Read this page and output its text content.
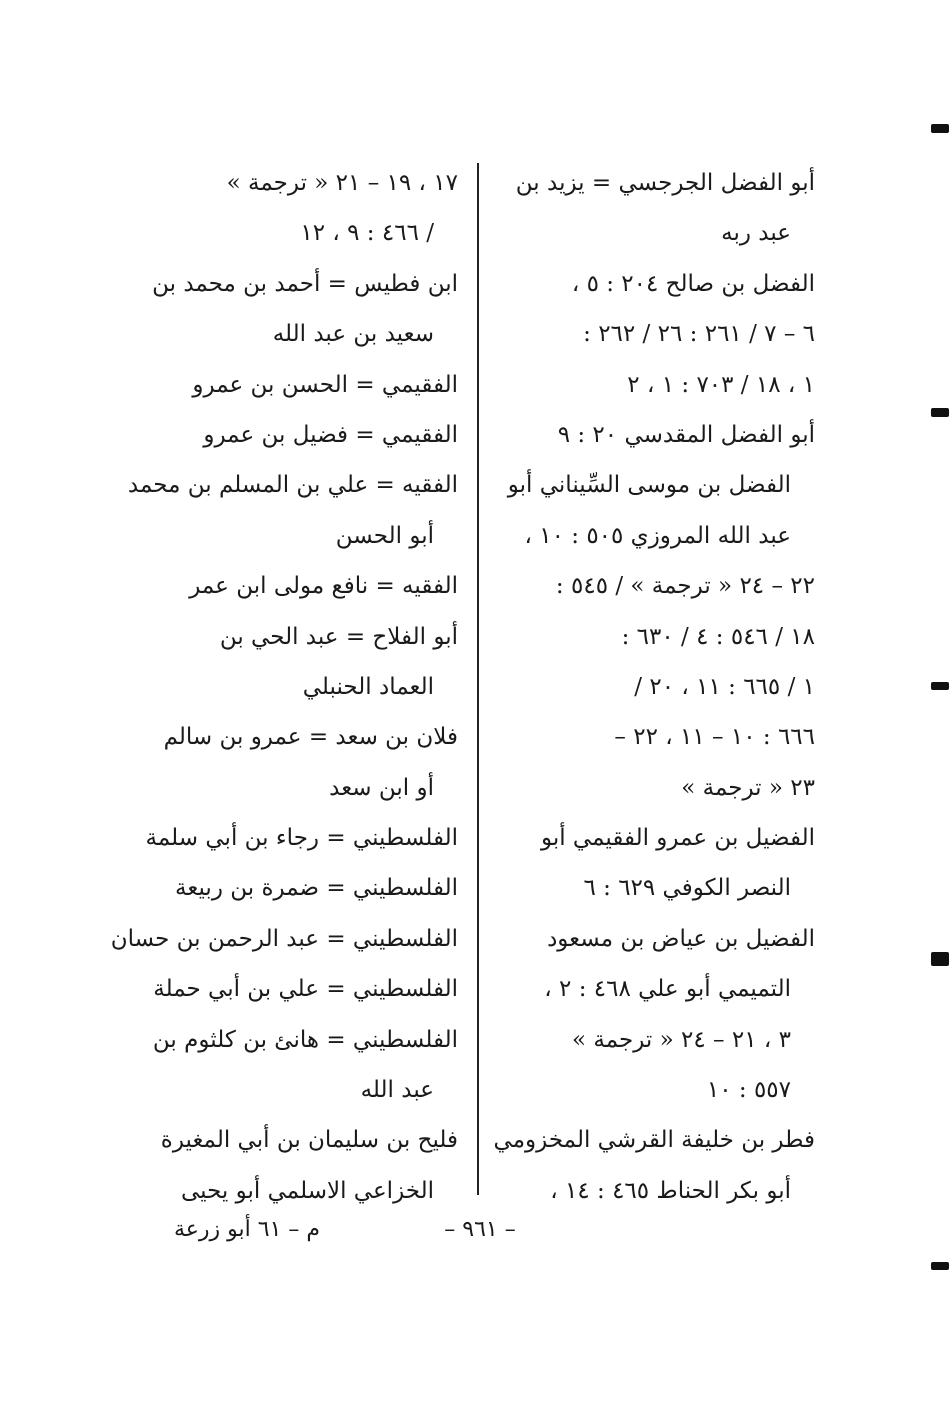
أبو الفضل الجرجسي = يزيد بن
عبد ربه
الفضل بن صالح ٢٠٤ : ٥ ،
٦ – ٧ / ٢٦١ : ٢٦ / ٢٦٢ :
١ ، ١٨ / ٧٠٣ : ١ ، ٢
أبو الفضل المقدسي ٢٠ : ٩
الفضل بن موسى السِّيناني أبو
عبد الله المروزي ٥٠٥ : ١٠ ،
٢٢ – ٢٤ « ترجمة » / ٥٤٥ :
١٨ / ٥٤٦ : ٤ / ٦٣٠ :
١ / ٦٦٥ : ١١ ، ٢٠ /
٦٦٦ : ١٠ – ١١ ، ٢٢ –
٢٣ « ترجمة »
الفضيل بن عمرو الفقيمي أبو
النصر الكوفي ٦٢٩ : ٦
الفضيل بن عياض بن مسعود
التميمي أبو علي ٤٦٨ : ٢ ،
٣ ، ٢١ – ٢٤ « ترجمة »
٥٥٧ : ١٠
فطر بن خليفة القرشي المخزومي
أبو بكر الحناط ٤٦٥ : ١٤ ،
١٧ ، ١٩ – ٢١ « ترجمة »
/ ٤٦٦ : ٩ ، ١٢
ابن فطيس = أحمد بن محمد بن
سعيد بن عبد الله
الفقيمي = الحسن بن عمرو
الفقيمي = فضيل بن عمرو
الفقيه = علي بن المسلم بن محمد
أبو الحسن
الفقيه = نافع مولى ابن عمر
أبو الفلاح = عبد الحي بن
العماد الحنبلي
فلان بن سعد = عمرو بن سالم
أو ابن سعد
الفلسطيني = رجاء بن أبي سلمة
الفلسطيني = ضمرة بن ربيعة
الفلسطيني = عبد الرحمن بن حسان
الفلسطيني = علي بن أبي حملة
الفلسطيني = هانئ بن كلثوم بن
عبد الله
فليح بن سليمان بن أبي المغيرة
الخزاعي الاسلمي أبو يحيى
– ٩٦١ –
م – ٦١ أبو زرعة
